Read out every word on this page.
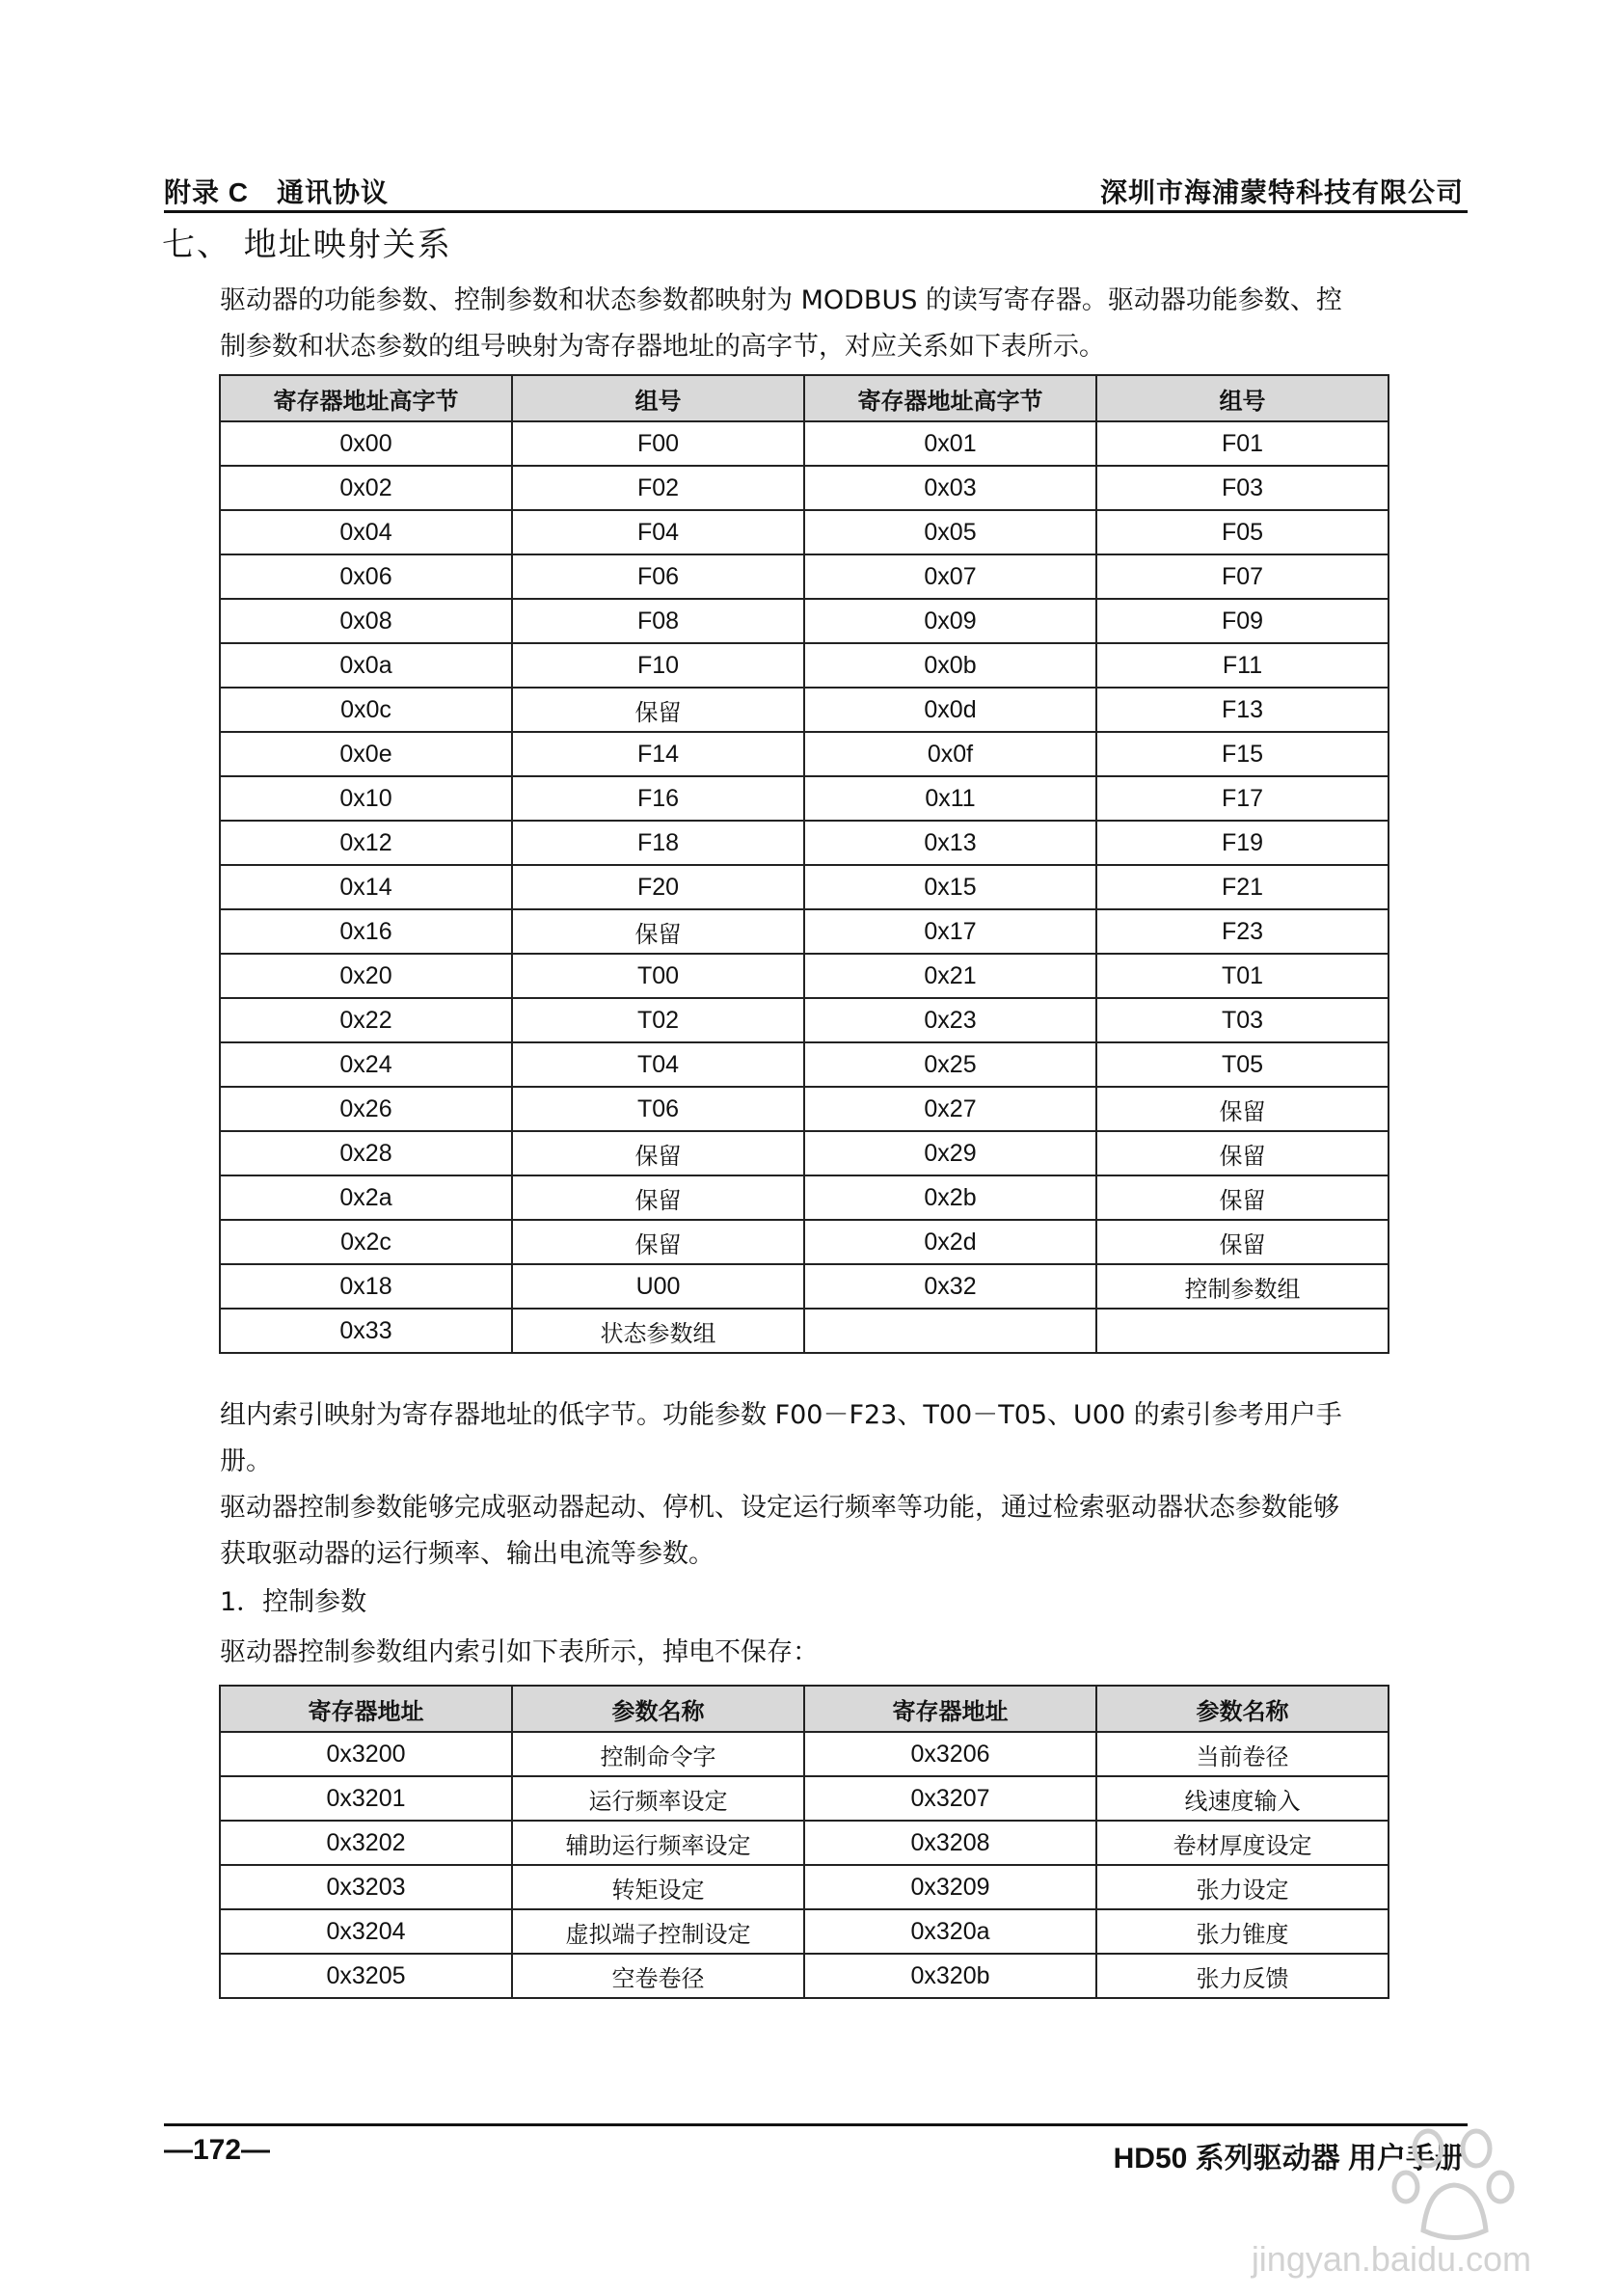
附录 C　通讯协议	深圳市海浦蒙特科技有限公司
七、 地址映射关系
驱动器的功能参数、控制参数和状态参数都映射为 MODBUS 的读写寄存器。驱动器功能参数、控
制参数和状态参数的组号映射为寄存器地址的高字节，对应关系如下表所示。
寄存器地址高字节	组号	寄存器地址高字节	组号
0x00	F00	0x01	F01
0x02	F02	0x03	F03
0x04	F04	0x05	F05
0x06	F06	0x07	F07
0x08	F08	0x09	F09
0x0a	F10	0x0b	F11
0x0c	保留	0x0d	F13
0x0e	F14	0x0f	F15
0x10	F16	0x11	F17
0x12	F18	0x13	F19
0x14	F20	0x15	F21
0x16	保留	0x17	F23
0x20	T00	0x21	T01
0x22	T02	0x23	T03
0x24	T04	0x25	T05
0x26	T06	0x27	保留
0x28	保留	0x29	保留
0x2a	保留	0x2b	保留
0x2c	保留	0x2d	保留
0x18	U00	0x32	控制参数组
0x33	状态参数组		
组内索引映射为寄存器地址的低字节。功能参数 F00－F23、T00－T05、U00 的索引参考用户手
册。
驱动器控制参数能够完成驱动器起动、停机、设定运行频率等功能，通过检索驱动器状态参数能够
获取驱动器的运行频率、输出电流等参数。
1．控制参数
驱动器控制参数组内索引如下表所示，掉电不保存：
寄存器地址	参数名称	寄存器地址	参数名称
0x3200	控制命令字	0x3206	当前卷径
0x3201	运行频率设定	0x3207	线速度输入
0x3202	辅助运行频率设定	0x3208	卷材厚度设定
0x3203	转矩设定	0x3209	张力设定
0x3204	虚拟端子控制设定	0x320a	张力锥度
0x3205	空卷卷径	0x320b	张力反馈
—172—	HD50 系列驱动器 用户手册
jingyan.baidu.com
